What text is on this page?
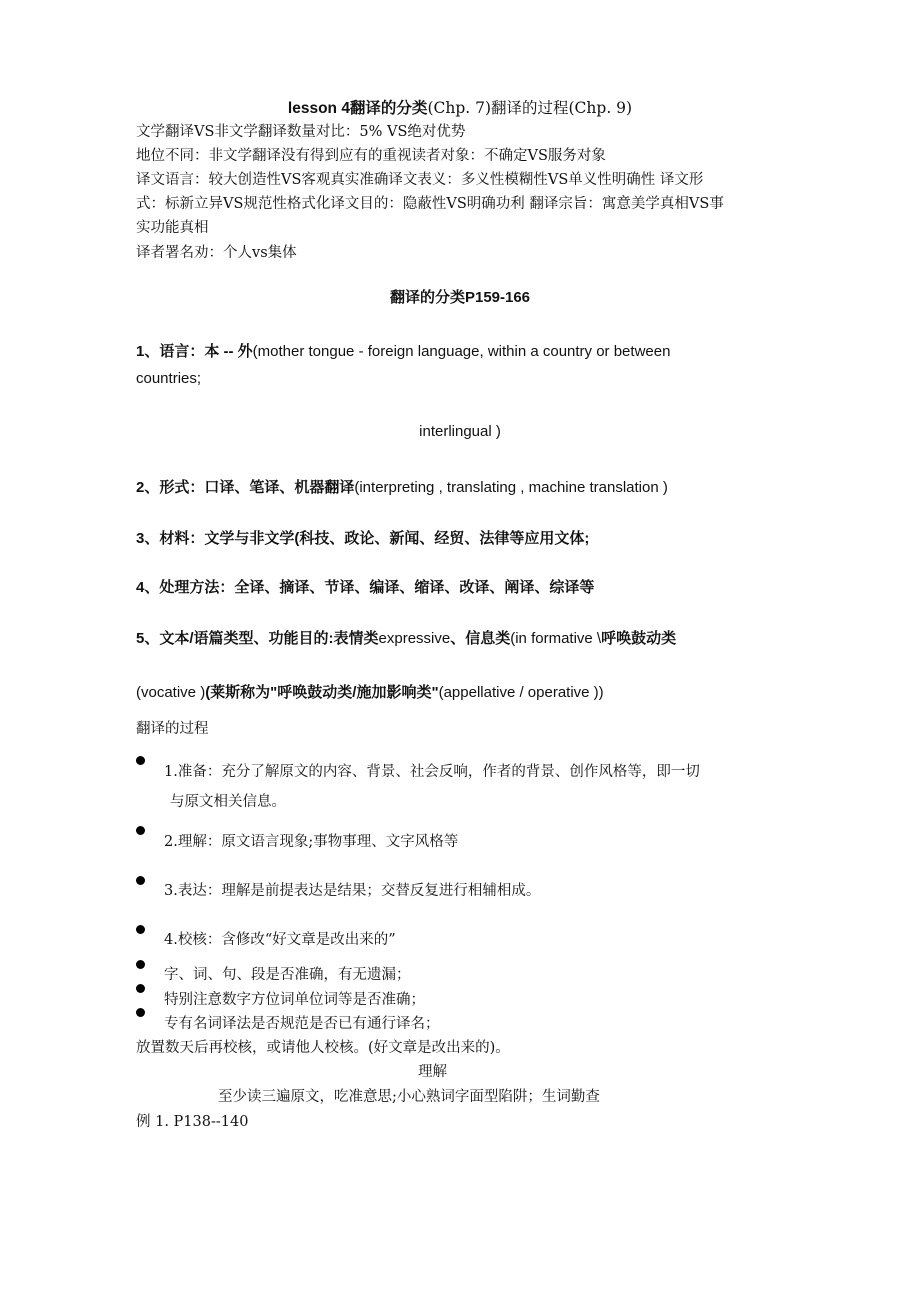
lesson 4翻译的分类(Chp. 7)翻译的过程(Chp. 9)
文学翻译VS非文学翻译数量对比：5% VS绝对优势
地位不同：非文学翻译没有得到应有的重视读者对象：不确定VS服务对象
译文语言：较大创造性VS客观真实准确译文表义：多义性模糊性VS单义性明确性 译文形
式：标新立异VS规范性格式化译文目的：隐蔽性VS明确功利 翻译宗旨：寓意美学真相VS事
实功能真相
译者署名劝：个人vs集体
翻译的分类P159-166
1、语言：本 -- 外(mother tongue - foreign language, within a country or between
countries;
interlingual )
2、形式：口译、笔译、机器翻译(interpreting , translating , machine translation )
3、材料：文学与非文学(科技、政论、新闻、经贸、法律等应用文体;
4、处理方法：全译、摘译、节译、编译、缩译、改译、阐译、综译等
5、文本/语篇类型、功能目的:表情类expressive、信息类(in formative \呼唤鼓动类
(vocative )(莱斯称为"呼唤鼓动类/施加影响类"(appellative / operative ))
翻译的过程
1.准备：充分了解原文的内容、背景、社会反响，作者的背景、创作风格等，即一切
与原文相关信息。
2.理解：原文语言现象;事物事理、文字风格等
3.表达：理解是前提表达是结果；交替反复进行相辅相成。
4.校核：含修改“好文章是改出来的”
字、词、句、段是否准确，有无遗漏；
特别注意数字方位词单位词等是否准确；
专有名词译法是否规范是否已有通行译名；
放置数天后再校核，或请他人校核。(好文章是改出来的)。
理解
至少读三遍原文，吃准意思;小心熟词字面型陷阱；生词勤查
例 1. P138--140
